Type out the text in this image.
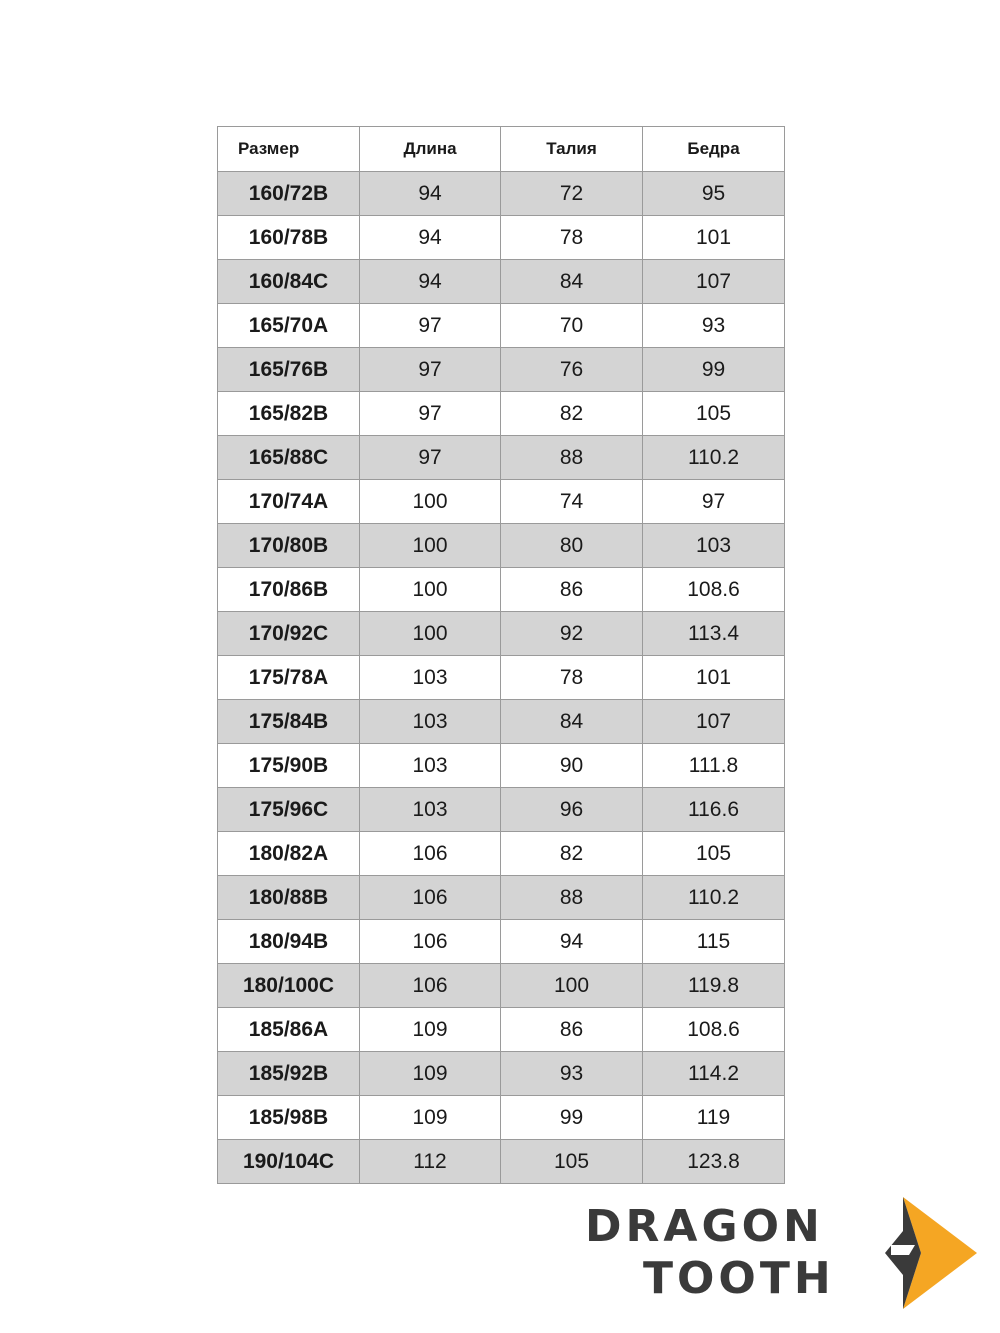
Размер	Длина	Талия	Бедра
160/72B	94	72	95
160/78B	94	78	101
160/84C	94	84	107
165/70A	97	70	93
165/76B	97	76	99
165/82B	97	82	105
165/88C	97	88	110.2
170/74A	100	74	97
170/80B	100	80	103
170/86B	100	86	108.6
170/92C	100	92	113.4
175/78A	103	78	101
175/84B	103	84	107
175/90B	103	90	111.8
175/96C	103	96	116.6
180/82A	106	82	105
180/88B	106	88	110.2
180/94B	106	94	115
180/100C	106	100	119.8
185/86A	109	86	108.6
185/92B	109	93	114.2
185/98B	109	99	119
190/104C	112	105	123.8
DRAGON
TOOTH
